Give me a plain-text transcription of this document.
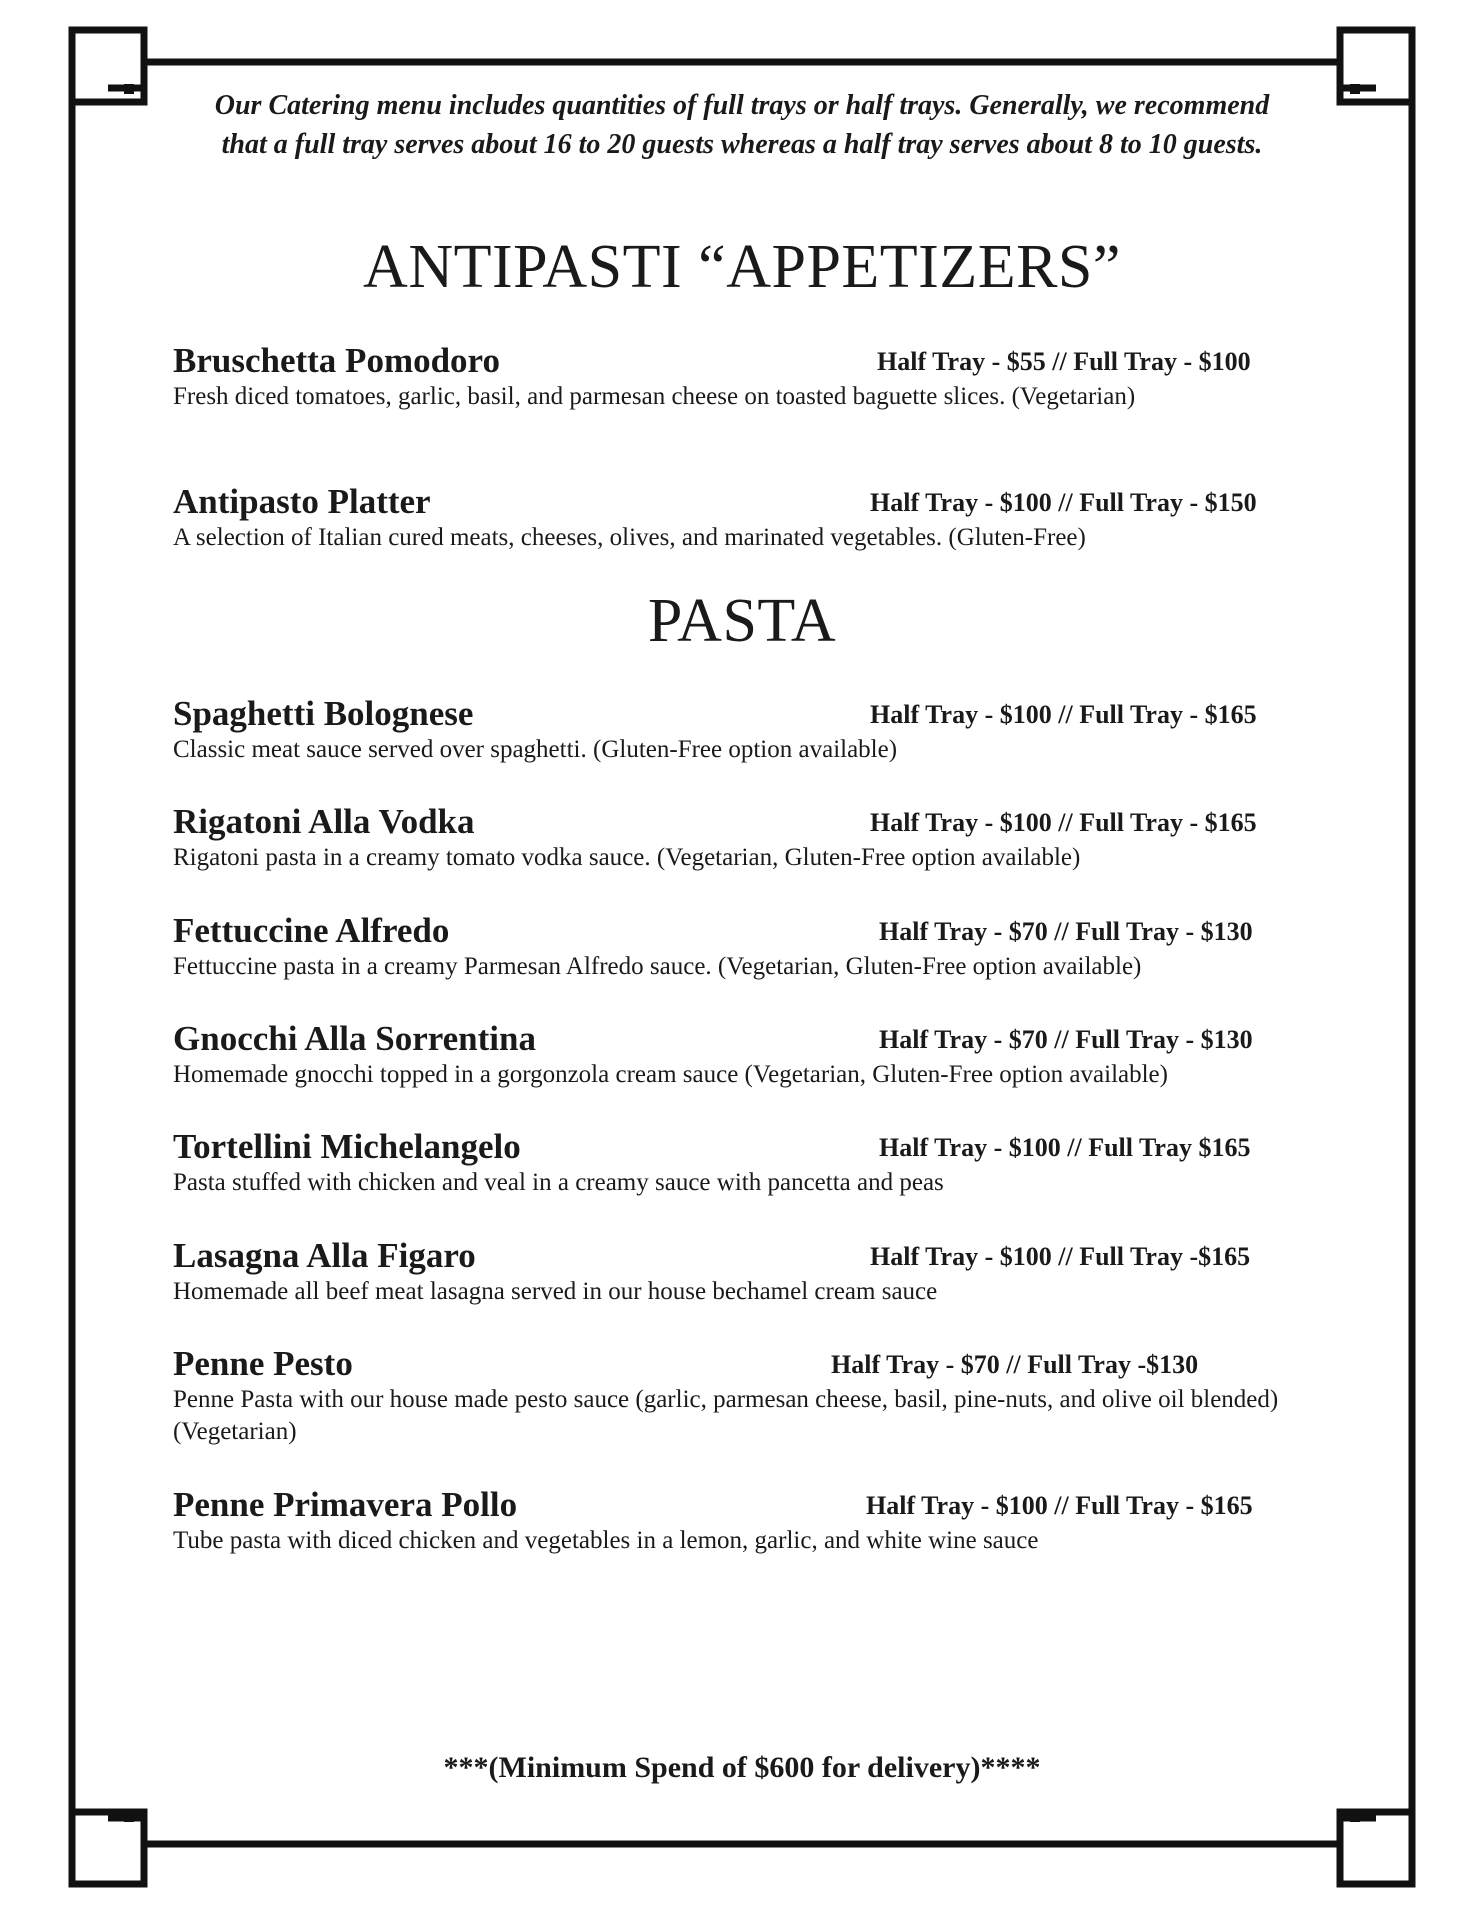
Our Catering menu includes quantities of full trays or half trays. Generally, we recommend that a full tray serves about 16 to 20 guests whereas a half tray serves about 8 to 10 guests.
ANTIPASTI “APPETIZERS”
Bruschetta Pomodoro	Half Tray - $55 // Full Tray - $100
Fresh diced tomatoes, garlic, basil, and parmesan cheese on toasted baguette slices. (Vegetarian)
Antipasto Platter	Half Tray - $100 // Full Tray - $150
A selection of Italian cured meats, cheeses, olives, and marinated vegetables. (Gluten-Free)
PASTA
Spaghetti Bolognese	Half Tray - $100 // Full Tray - $165
Classic meat sauce served over spaghetti. (Gluten-Free option available)
Rigatoni Alla Vodka	Half Tray - $100 // Full Tray - $165
Rigatoni pasta in a creamy tomato vodka sauce. (Vegetarian, Gluten-Free option available)
Fettuccine Alfredo	Half Tray - $70 // Full Tray - $130
Fettuccine pasta in a creamy Parmesan Alfredo sauce. (Vegetarian, Gluten-Free option available)
Gnocchi Alla Sorrentina	Half Tray - $70 // Full Tray - $130
Homemade gnocchi topped in a gorgonzola cream sauce (Vegetarian, Gluten-Free option available)
Tortellini Michelangelo	Half Tray - $100 // Full Tray $165
Pasta stuffed with chicken and veal in a creamy sauce with pancetta and peas
Lasagna Alla Figaro	Half Tray - $100 // Full Tray -$165
Homemade all beef meat lasagna served in our house bechamel cream sauce
Penne Pesto	Half Tray - $70 // Full Tray -$130
Penne Pasta with our house made pesto sauce (garlic, parmesan cheese, basil, pine-nuts, and olive oil blended) (Vegetarian)
Penne Primavera Pollo	Half Tray - $100 // Full Tray - $165
Tube pasta with diced chicken and vegetables in a lemon, garlic, and white wine sauce
***(Minimum Spend of $600 for delivery)****
